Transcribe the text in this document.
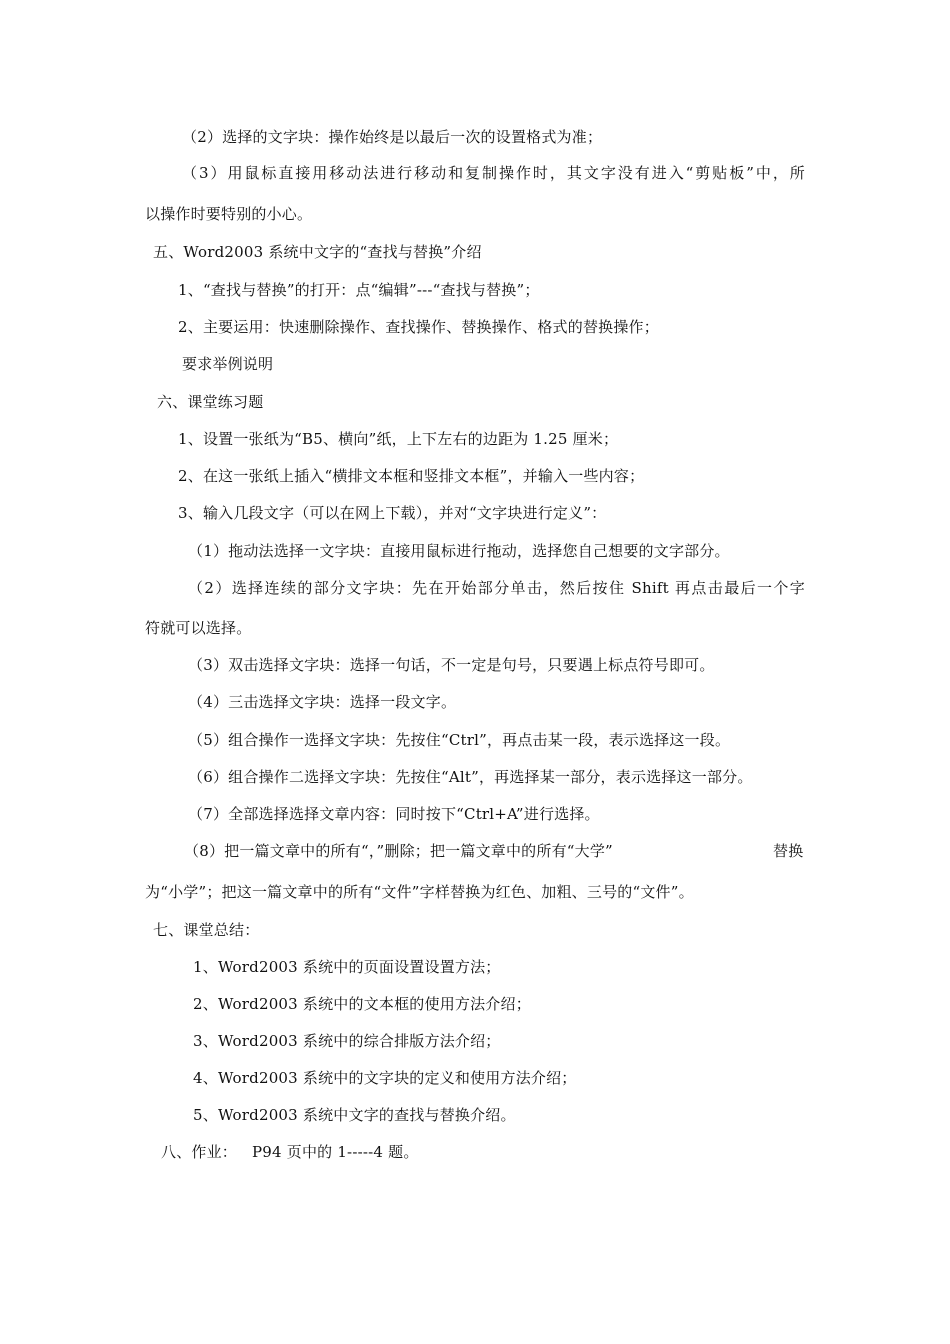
（2）选择的文字块：操作始终是以最后一次的设置格式为准；
（3）用鼠标直接用移动法进行移动和复制操作时，其文字没有进入“剪贴板”中，所
以操作时要特别的小心。
五、Word2003 系统中文字的“查找与替换”介绍
1、“查找与替换”的打开：点“编辑”---“查找与替换”；
2、主要运用：快速删除操作、查找操作、替换操作、格式的替换操作；
要求举例说明
六、课堂练习题
1、设置一张纸为“B5、横向”纸，上下左右的边距为 1.25 厘米；
2、在这一张纸上插入“横排文本框和竖排文本框”，并输入一些内容；
3、输入几段文字（可以在网上下载），并对“文字块进行定义”：
（1）拖动法选择一文字块：直接用鼠标进行拖动，选择您自己想要的文字部分。
（2）选择连续的部分文字块：先在开始部分单击，然后按住 Shift 再点击最后一个字
符就可以选择。
（3）双击选择文字块：选择一句话，不一定是句号，只要遇上标点符号即可。
（4）三击选择文字块：选择一段文字。
（5）组合操作一选择文字块：先按住“Ctrl”，再点击某一段，表示选择这一段。
（6）组合操作二选择文字块：先按住“Alt”，再选择某一部分，表示选择这一部分。
（7）全部选择选择文章内容：同时按下“Ctrl+A”进行选择。
（8）把一篇文章中的所有“，”删除；把一篇文章中的所有“大学”	替换
为“小学”；把这一篇文章中的所有“文件”字样替换为红色、加粗、三号的“文件”。
七、课堂总结：
1、Word2003 系统中的页面设置设置方法；
2、Word2003 系统中的文本框的使用方法介绍；
3、Word2003 系统中的综合排版方法介绍；
4、Word2003 系统中的文字块的定义和使用方法介绍；
5、Word2003 系统中文字的查找与替换介绍。
八、作业： P94 页中的 1-----4 题。
